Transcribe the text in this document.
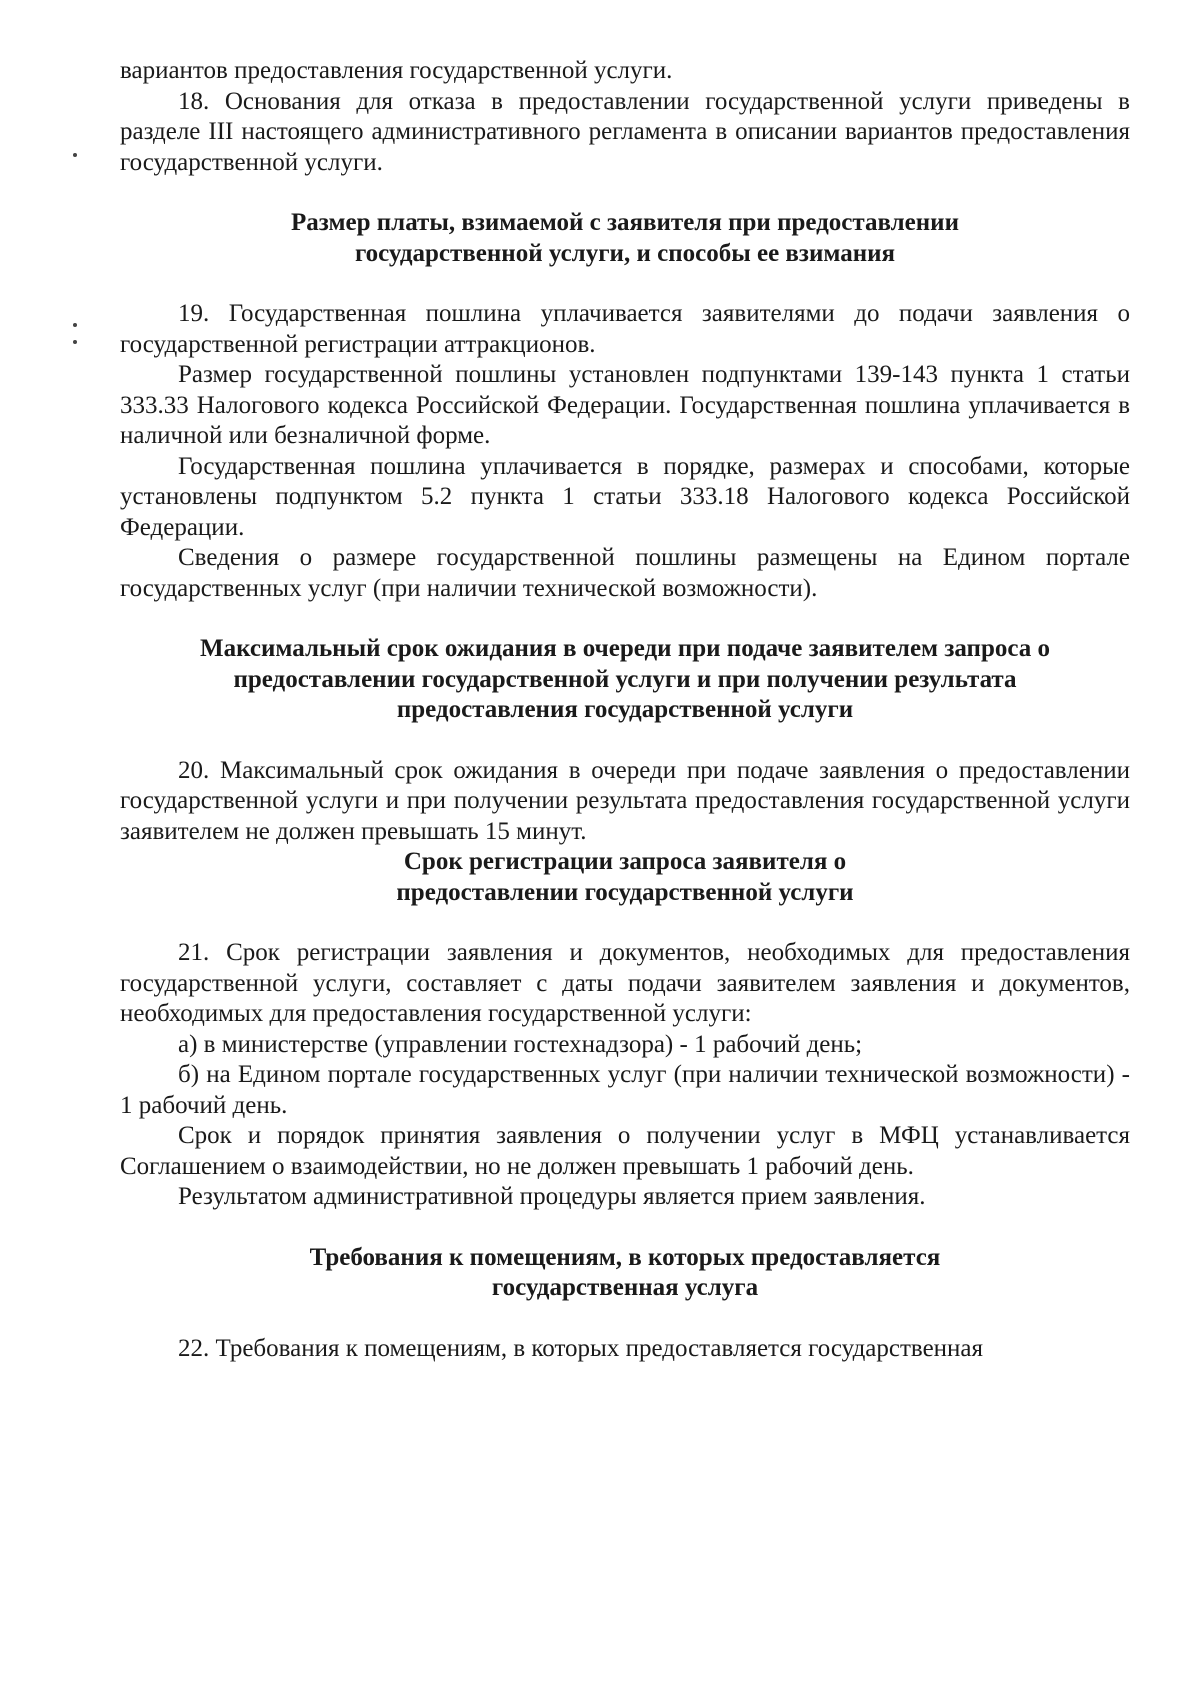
вариантов предоставления государственной услуги.

18. Основания для отказа в предоставлении государственной услуги приведены в разделе III настоящего административного регламента в описании вариантов предоставления государственной услуги.

Размер платы, взимаемой с заявителя при предоставлении государственной услуги, и способы ее взимания

19. Государственная пошлина уплачивается заявителями до подачи заявления о государственной регистрации аттракционов.

Размер государственной пошлины установлен подпунктами 139-143 пункта 1 статьи 333.33 Налогового кодекса Российской Федерации. Государственная пошлина уплачивается в наличной или безналичной форме.

Государственная пошлина уплачивается в порядке, размерах и способами, которые установлены подпунктом 5.2 пункта 1 статьи 333.18 Налогового кодекса Российской Федерации.

Сведения о размере государственной пошлины размещены на Едином портале государственных услуг (при наличии технической возможности).

Максимальный срок ожидания в очереди при подаче заявителем запроса о предоставлении государственной услуги и при получении результата предоставления государственной услуги

20. Максимальный срок ожидания в очереди при подаче заявления о предоставлении государственной услуги и при получении результата предоставления государственной услуги заявителем не должен превышать 15 минут.

Срок регистрации запроса заявителя о предоставлении государственной услуги

21. Срок регистрации заявления и документов, необходимых для предоставления государственной услуги, составляет с даты подачи заявителем заявления и документов, необходимых для предоставления государственной услуги:

а) в министерстве (управлении гостехнадзора) - 1 рабочий день;

б) на Едином портале государственных услуг (при наличии технической возможности) - 1 рабочий день.

Срок и порядок принятия заявления о получении услуг в МФЦ устанавливается Соглашением о взаимодействии, но не должен превышать 1 рабочий день.

Результатом административной процедуры является прием заявления.

Требования к помещениям, в которых предоставляется государственная услуга

22. Требования к помещениям, в которых предоставляется государственная
